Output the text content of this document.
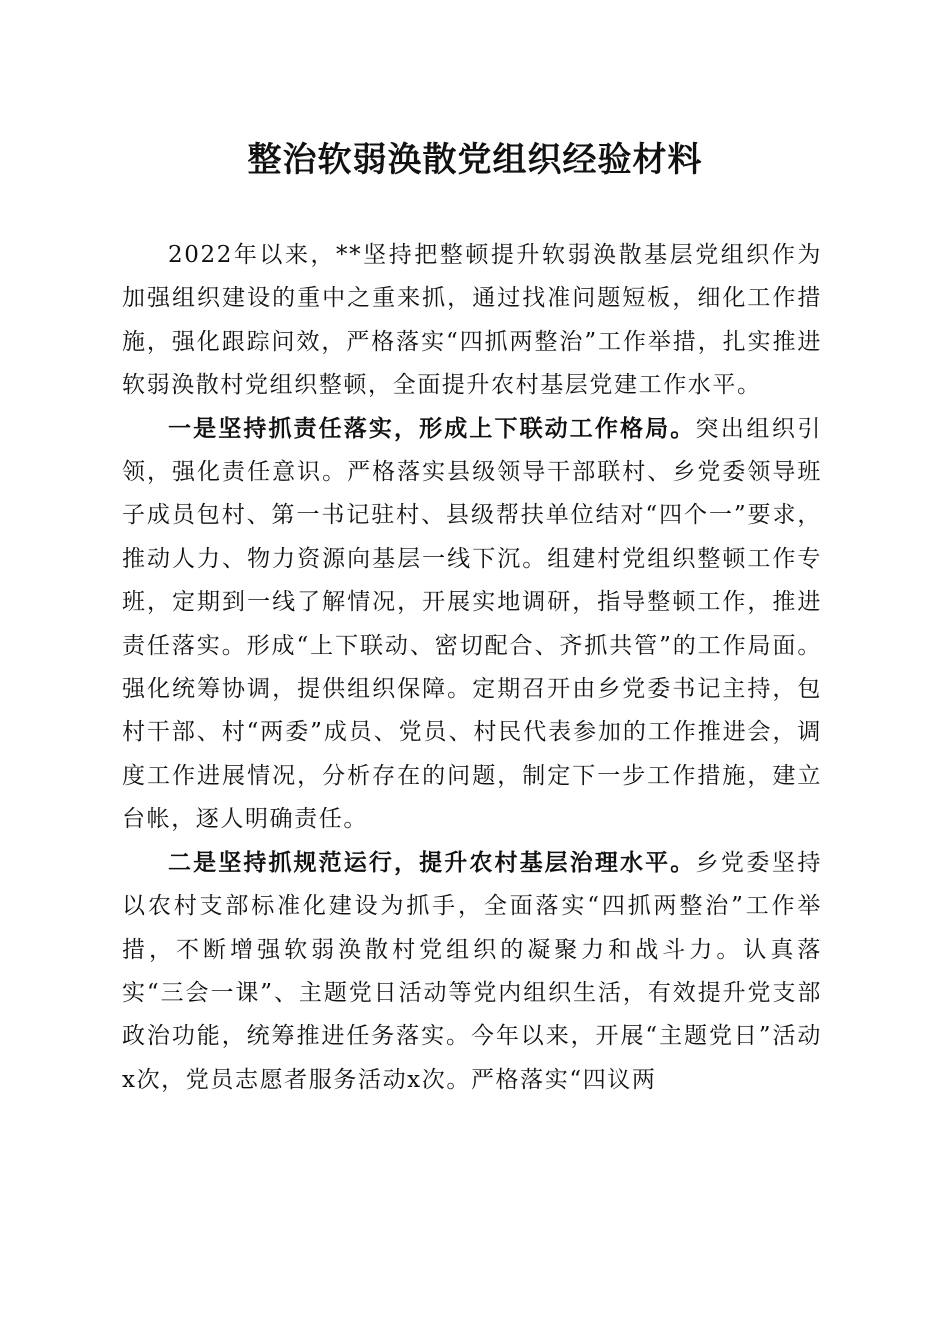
整治软弱涣散党组织经验材料

2022年以来，**坚持把整顿提升软弱涣散基层党组织作为加强组织建设的重中之重来抓，通过找准问题短板，细化工作措施，强化跟踪问效，严格落实“四抓两整治”工作举措，扎实推进软弱涣散村党组织整顿，全面提升农村基层党建工作水平。

一是坚持抓责任落实，形成上下联动工作格局。突出组织引领，强化责任意识。严格落实县级领导干部联村、乡党委领导班子成员包村、第一书记驻村、县级帮扶单位结对“四个一”要求，推动人力、物力资源向基层一线下沉。组建村党组织整顿工作专班，定期到一线了解情况，开展实地调研，指导整顿工作，推进责任落实。形成“上下联动、密切配合、齐抓共管”的工作局面。强化统筹协调，提供组织保障。定期召开由乡党委书记主持，包村干部、村“两委”成员、党员、村民代表参加的工作推进会，调度工作进展情况，分析存在的问题，制定下一步工作措施，建立台帐，逐人明确责任。

二是坚持抓规范运行，提升农村基层治理水平。乡党委坚持以农村支部标准化建设为抓手，全面落实“四抓两整治”工作举措，不断增强软弱涣散村党组织的凝聚力和战斗力。认真落实“三会一课”、主题党日活动等党内组织生活，有效提升党支部政治功能，统筹推进任务落实。今年以来，开展“主题党日”活动x次，党员志愿者服务活动x次。严格落实“四议两
